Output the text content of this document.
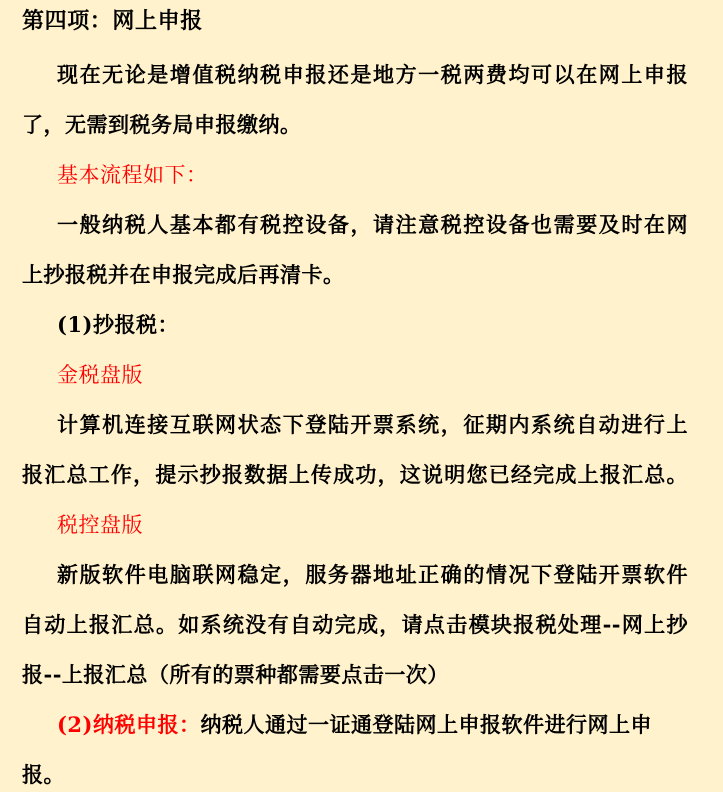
第四项：网上申报
现在无论是增值税纳税申报还是地方一税两费均可以在网上申报
了，无需到税务局申报缴纳。
基本流程如下：
一般纳税人基本都有税控设备，请注意税控设备也需要及时在网
上抄报税并在申报完成后再清卡。
(1)抄报税：
金税盘版
计算机连接互联网状态下登陆开票系统，征期内系统自动进行上
报汇总工作，提示抄报数据上传成功，这说明您已经完成上报汇总。
税控盘版
新版软件电脑联网稳定，服务器地址正确的情况下登陆开票软件
自动上报汇总。如系统没有自动完成，请点击模块报税处理--网上抄
报--上报汇总（所有的票种都需要点击一次）
(2)纳税申报：纳税人通过一证通登陆网上申报软件进行网上申
报。
